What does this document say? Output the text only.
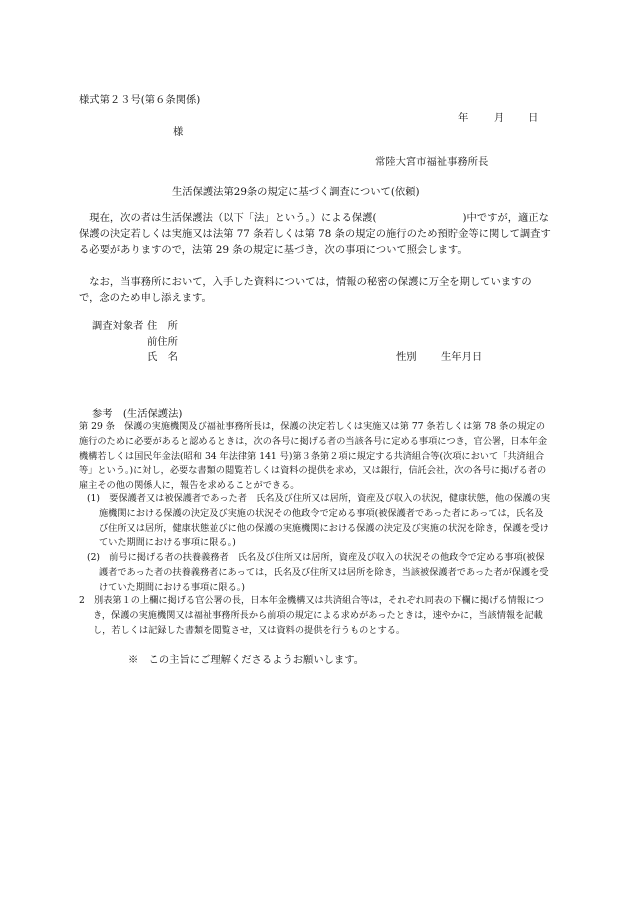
様式第２３号(第６条関係)
年 月 日
様
常陸大宮市福祉事務所長
生活保護法第29条の規定に基づく調査について(依頼)
現在，次の者は生活保護法（以下「法」という。）による保護(	)中ですが，適正な保護の決定若しくは実施又は法第 77 条若しくは第 78 条の規定の施行のため預貯金等に関して調査する必要がありますので，法第 29 条の規定に基づき，次の事項について照会します。
なお，当事務所において，入手した資料については，情報の秘密の保護に万全を期していますので，念のため申し添えます。
調査対象者 住　所
前住所
氏　名	性別 生年月日
参考　(生活保護法)
第 29 条　保護の実施機関及び福祉事務所長は，保護の決定若しくは実施又は第 77 条若しくは第 78 条の規定の施行のために必要があると認めるときは，次の各号に掲げる者の当該各号に定める事項につき，官公署，日本年金機構若しくは国民年金法(昭和 34 年法律第 141 号)第３条第２項に規定する共済組合等(次項において「共済組合等」という。)に対し，必要な書類の閲覧若しくは資料の提供を求め，又は銀行，信託会社，次の各号に掲げる者の雇主その他の関係人に，報告を求めることができる。
(1)　要保護者又は被保護者であった者　氏名及び住所又は居所，資産及び収入の状況，健康状態，他の保護の実施機関における保護の決定及び実施の状況その他政令で定める事項(被保護者であった者にあっては，氏名及び住所又は居所，健康状態並びに他の保護の実施機関における保護の決定及び実施の状況を除き，保護を受けていた期間における事項に限る。)
(2)　前号に掲げる者の扶養義務者　氏名及び住所又は居所，資産及び収入の状況その他政令で定める事項(被保護者であった者の扶養義務者にあっては，氏名及び住所又は居所を除き，当該被保護者であった者が保護を受けていた期間における事項に限る。)
2　別表第１の上欄に掲げる官公署の長，日本年金機構又は共済組合等は，それぞれ同表の下欄に掲げる情報につき，保護の実施機関又は福祉事務所長から前項の規定による求めがあったときは，速やかに，当該情報を記載し，若しくは記録した書類を閲覧させ，又は資料の提供を行うものとする。
※　この主旨にご理解くださるようお願いします。
